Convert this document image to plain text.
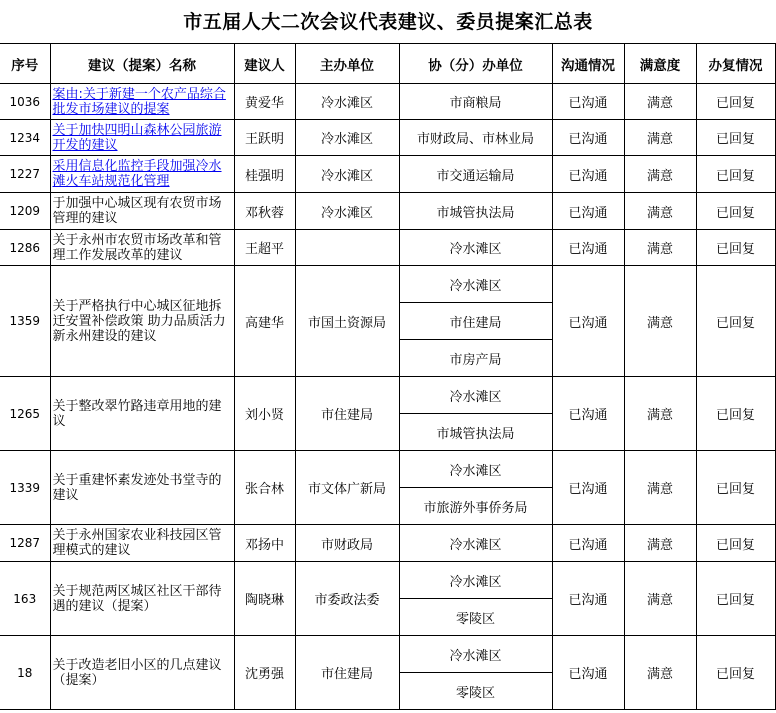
市五届人大二次会议代表建议、委员提案汇总表
序号	建议（提案）名称	建议人	主办单位	协（分）办单位	沟通情况	满意度	办复情况
1036	案由:关于新建一个农产品综合批发市场建议的提案	黄爱华	冷水滩区	市商粮局	已沟通	满意	已回复
1234	关于加快四明山森林公园旅游开发的建议	王跃明	冷水滩区	市财政局、市林业局	已沟通	满意	已回复
1227	采用信息化监控手段加强冷水滩火车站规范化管理	桂强明	冷水滩区	市交通运输局	已沟通	满意	已回复
1209	于加强中心城区现有农贸市场管理的建议	邓秋蓉	冷水滩区	市城管执法局	已沟通	满意	已回复
1286	关于永州市农贸市场改革和管理工作发展改革的建议	王超平		冷水滩区	已沟通	满意	已回复
1359	关于严格执行中心城区征地拆迁安置补偿政策 助力品质活力新永州建设的建议	高建华	市国土资源局	冷水滩区	已沟通	满意	已回复
				市住建局			
				市房产局			
1265	关于整改翠竹路违章用地的建议	刘小贤	市住建局	冷水滩区	已沟通	满意	已回复
				市城管执法局			
1339	关于重建怀素发迹处书堂寺的建议	张合林	市文体广新局	冷水滩区	已沟通	满意	已回复
				市旅游外事侨务局			
1287	关于永州国家农业科技园区管理模式的建议	邓扬中	市财政局	冷水滩区	已沟通	满意	已回复
163	关于规范两区城区社区干部待遇的建议（提案）	陶晓琳	市委政法委	冷水滩区	已沟通	满意	已回复
				零陵区			
18	关于改造老旧小区的几点建议（提案）	沈勇强	市住建局	冷水滩区	已沟通	满意	已回复
				零陵区			
